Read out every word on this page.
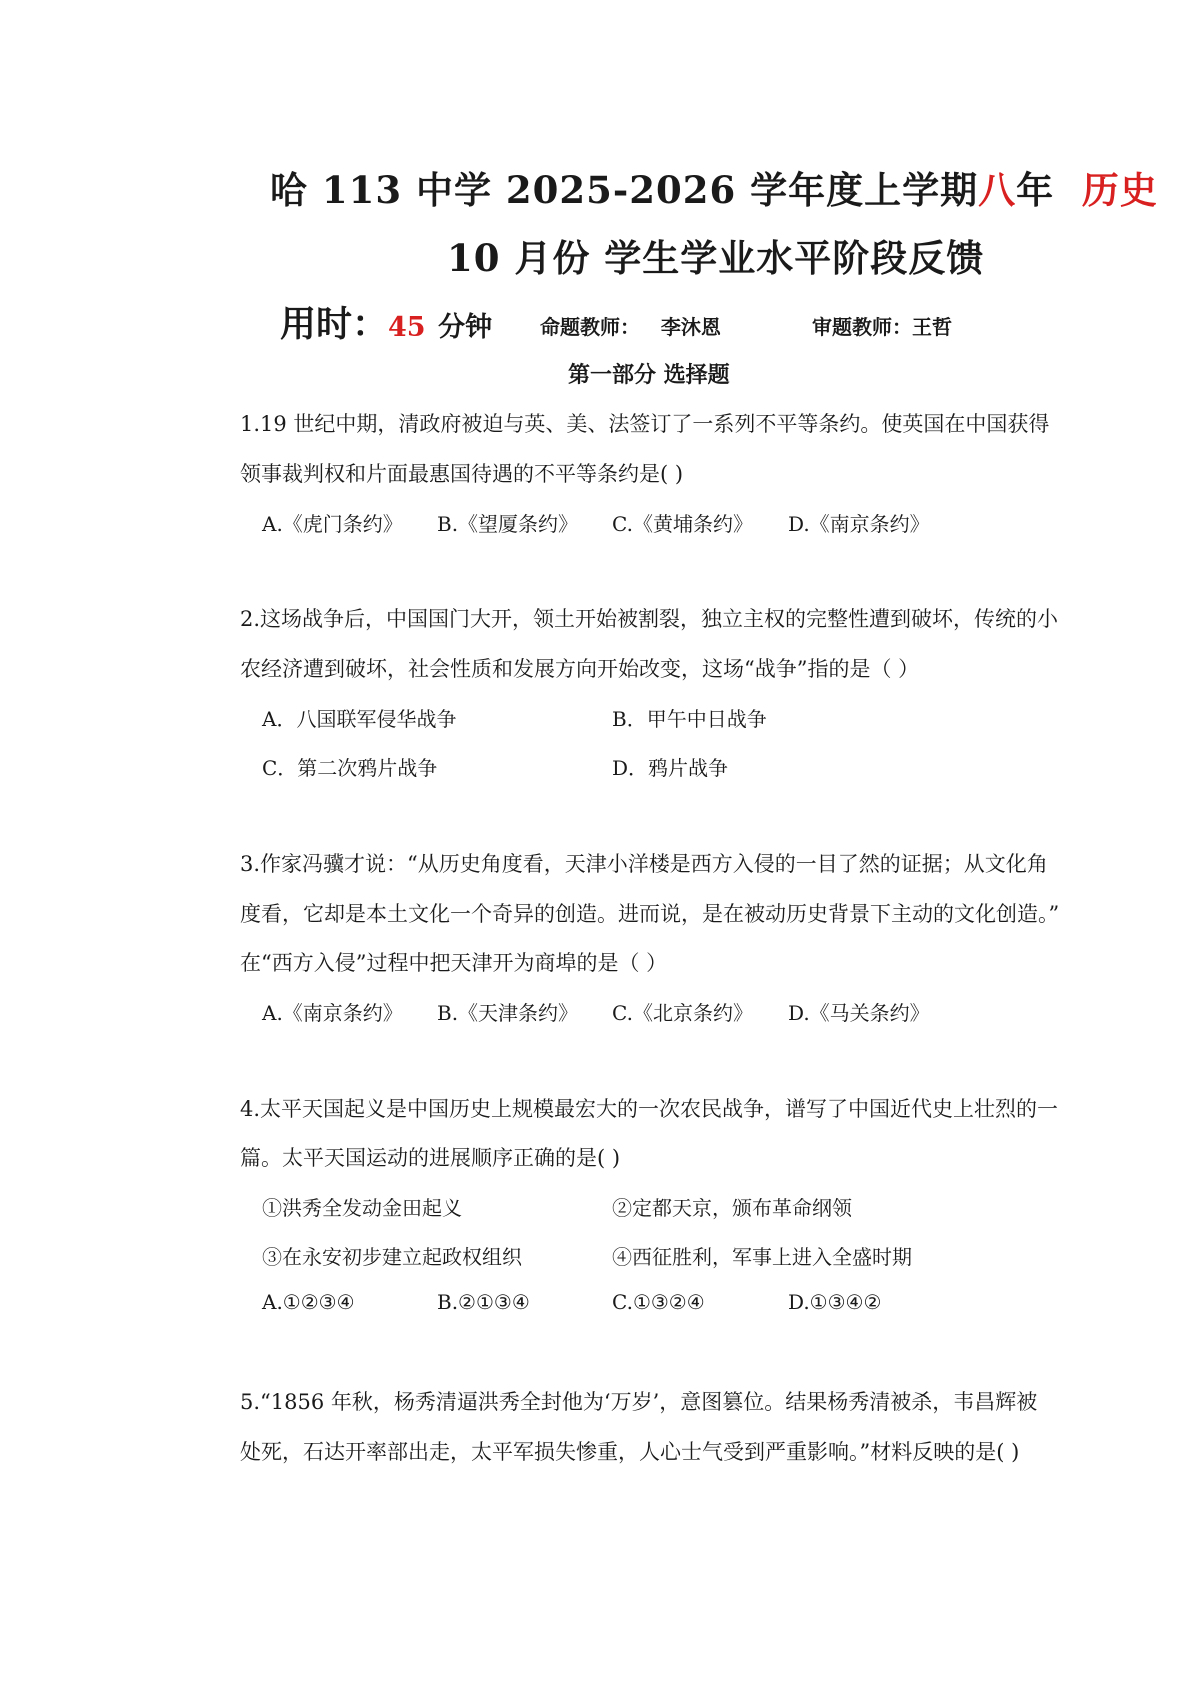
哈 113 中学 2025-2026 学年度上学期八年 历史
10 月份 学生学业水平阶段反馈
用时：45 分钟 命题教师： 李沐恩	审题教师：王哲
第一部分 选择题
1.19 世纪中期，清政府被迫与英、美、法签订了一系列不平等条约。使英国在中国获得
领事裁判权和片面最惠国待遇的不平等条约是( )
A.《虎门条约》 B.《望厦条约》 C.《黄埔条约》 D.《南京条约》
2.这场战争后，中国国门大开，领土开始被割裂，独立主权的完整性遭到破坏，传统的小
农经济遭到破坏，社会性质和发展方向开始改变，这场“战争”指的是（ ）
A．八国联军侵华战争	B．甲午中日战争
C．第二次鸦片战争	D．鸦片战争
3.作家冯骥才说：“从历史角度看，天津小洋楼是西方入侵的一目了然的证据；从文化角
度看，它却是本土文化一个奇异的创造。进而说，是在被动历史背景下主动的文化创造。”
在“西方入侵”过程中把天津开为商埠的是（ ）
A.《南京条约》 B.《天津条约》 C.《北京条约》 D.《马关条约》
4.太平天国起义是中国历史上规模最宏大的一次农民战争，谱写了中国近代史上壮烈的一
篇。太平天国运动的进展顺序正确的是( )
①洪秀全发动金田起义	②定都天京，颁布革命纲领
③在永安初步建立起政权组织	④西征胜利，军事上进入全盛时期
A.①②③④	B.②①③④	C.①③②④	D.①③④②
5.“1856 年秋，杨秀清逼洪秀全封他为‘万岁’，意图篡位。结果杨秀清被杀，韦昌辉被
处死，石达开率部出走，太平军损失惨重，人心士气受到严重影响。”材料反映的是( )
